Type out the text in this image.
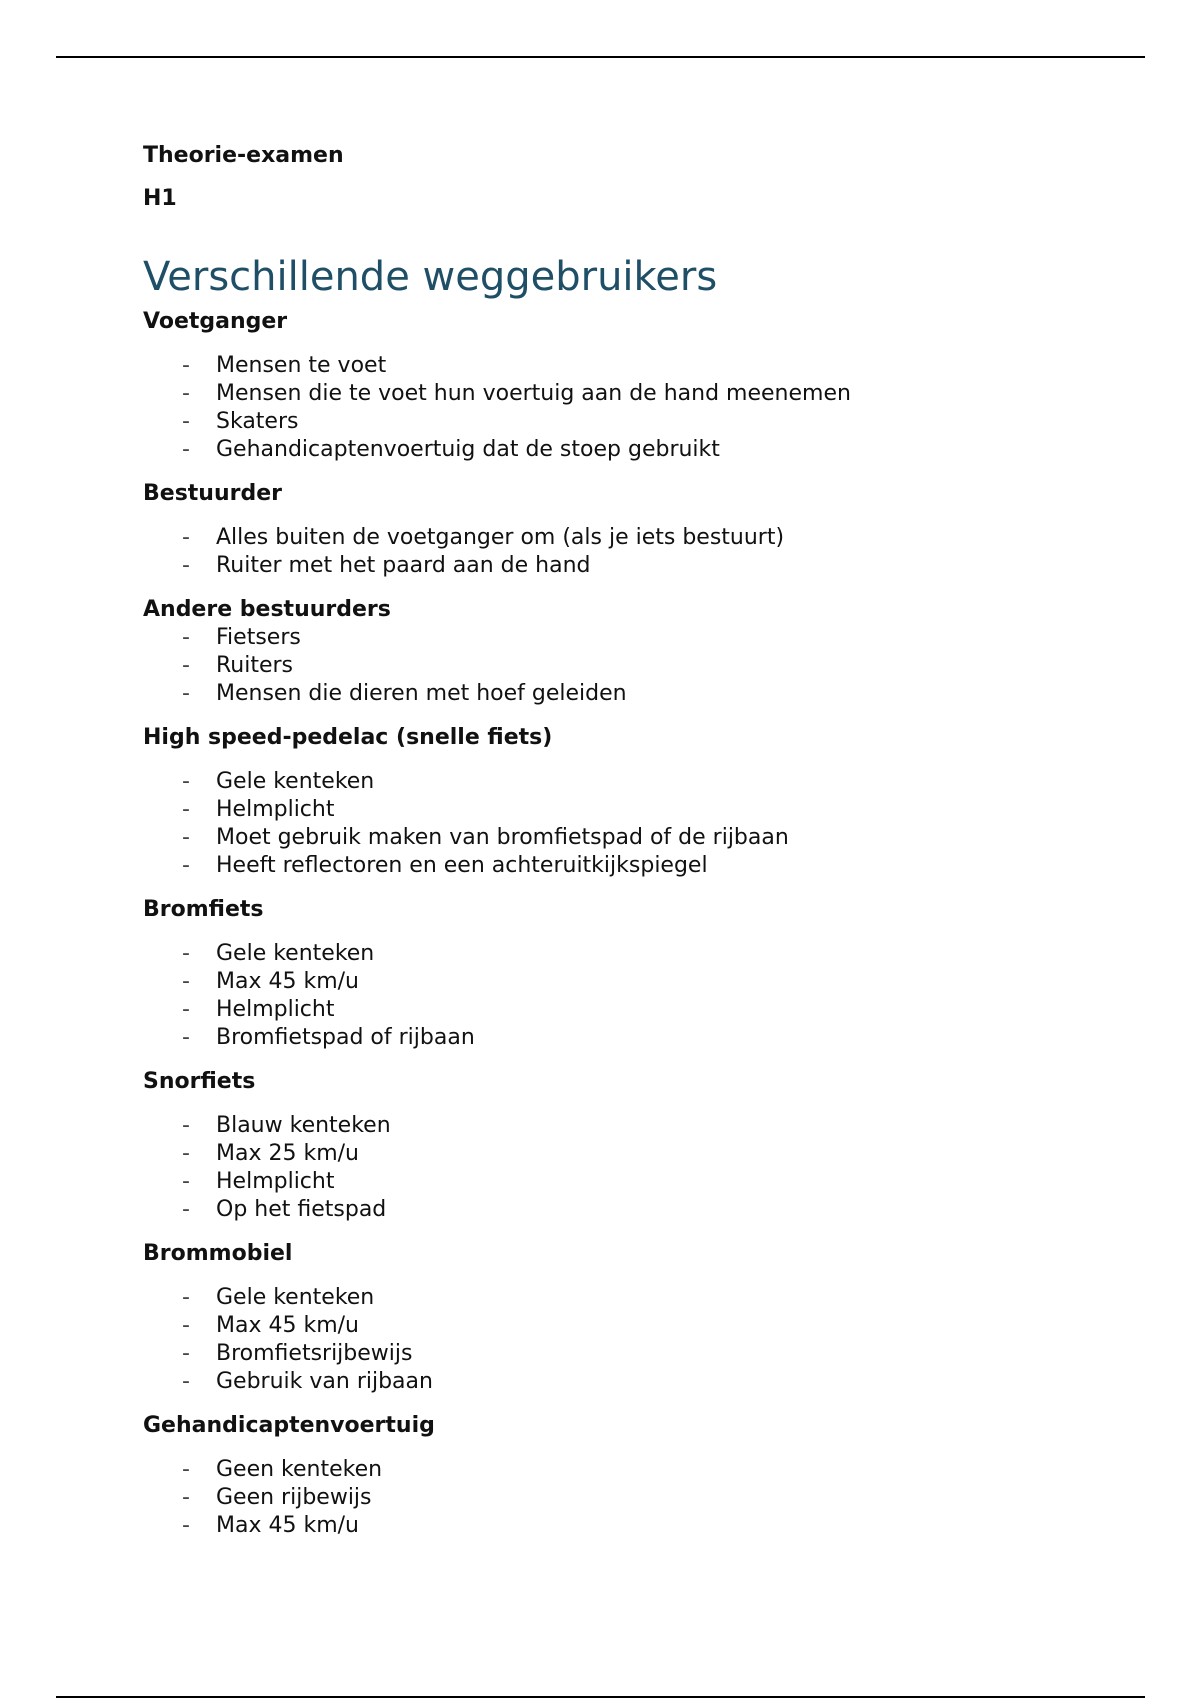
Theorie-examen
H1
Verschillende weggebruikers
Voetganger
- Mensen te voet
- Mensen die te voet hun voertuig aan de hand meenemen
- Skaters
- Gehandicaptenvoertuig dat de stoep gebruikt
Bestuurder
- Alles buiten de voetganger om (als je iets bestuurt)
- Ruiter met het paard aan de hand
Andere bestuurders
- Fietsers
- Ruiters
- Mensen die dieren met hoef geleiden
High speed-pedelac (snelle fiets)
- Gele kenteken
- Helmplicht
- Moet gebruik maken van bromfietspad of de rijbaan
- Heeft reflectoren en een achteruitkijkspiegel
Bromfiets
- Gele kenteken
- Max 45 km/u
- Helmplicht
- Bromfietspad of rijbaan
Snorfiets
- Blauw kenteken
- Max 25 km/u
- Helmplicht
- Op het fietspad
Brommobiel
- Gele kenteken
- Max 45 km/u
- Bromfietsrijbewijs
- Gebruik van rijbaan
Gehandicaptenvoertuig
- Geen kenteken
- Geen rijbewijs
- Max 45 km/u
